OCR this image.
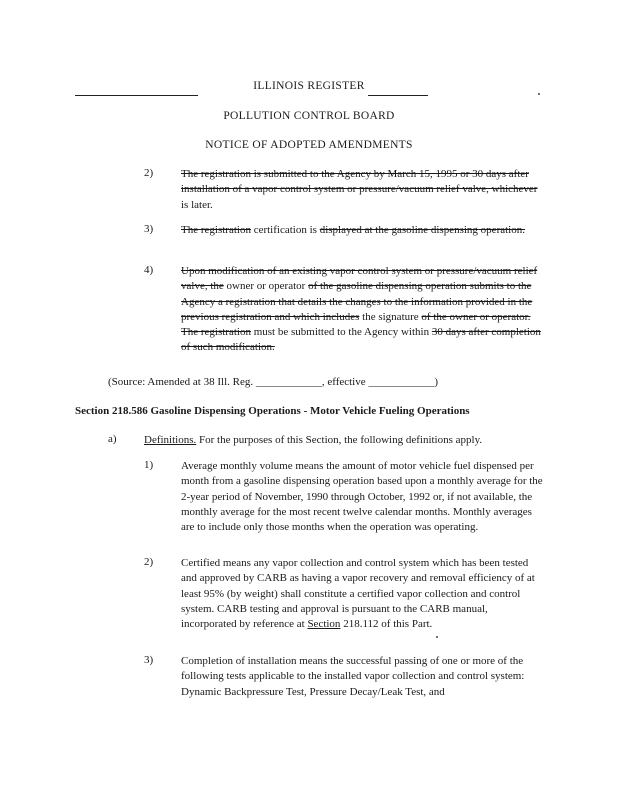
ILLINOIS REGISTER
POLLUTION CONTROL BOARD
NOTICE OF ADOPTED AMENDMENTS
2)	The registration is submitted to the Agency by March 15, 1995 or 30 days after installation of a vapor control system or pressure/vacuum relief valve, whichever is later.

3)	The registration certification is displayed at the gasoline dispensing operation.

4)	Upon modification of an existing vapor control system or pressure/vacuum relief valve, the owner or operator of the gasoline dispensing operation submits to the Agency a registration that details the changes to the information provided in the previous registration and which includes the signature of the owner or operator. The registration must be submitted to the Agency within 30 days after completion of such modification.

(Source: Amended at 38 Ill. Reg. ____________, effective ____________)
Section 218.586 Gasoline Dispensing Operations - Motor Vehicle Fueling Operations
a) Definitions. For the purposes of this Section, the following definitions apply.

1)	Average monthly volume means the amount of motor vehicle fuel dispensed per month from a gasoline dispensing operation based upon a monthly average for the 2-year period of November, 1990 through October, 1992 or, if not available, the monthly average for the most recent twelve calendar months. Monthly averages are to include only those months when the operation was operating.

2)	Certified means any vapor collection and control system which has been tested and approved by CARB as having a vapor recovery and removal efficiency of at least 95% (by weight) shall constitute a certified vapor collection and control system. CARB testing and approval is pursuant to the CARB manual, incorporated by reference at Section 218.112 of this Part.

3)	Completion of installation means the successful passing of one or more of the following tests applicable to the installed vapor collection and control system: Dynamic Backpressure Test, Pressure Decay/Leak Test, and
